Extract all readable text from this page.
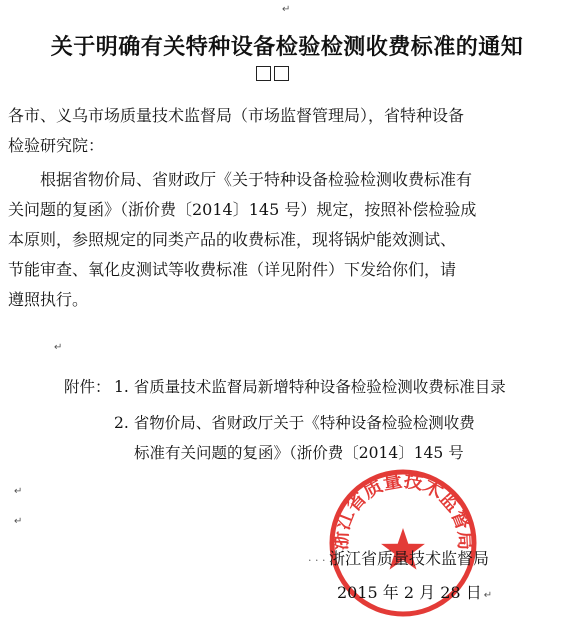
↵
关于明确有关特种设备检验检测收费标准的通知

各市、义乌市场质量技术监督局（市场监督管理局），省特种设备
检验研究院：

　　根据省物价局、省财政厅《关于特种设备检验检测收费标准有
关问题的复函》（浙价费〔2014〕145 号）规定，按照补偿检验成
本原则，参照规定的同类产品的收费标准，现将锅炉能效测试、
节能审查、氧化皮测试等收费标准（详见附件）下发给你们，请
遵照执行。

↵
附件： 1. 省质量技术监督局新增特种设备检验检测收费标准目录
2. 省物价局、省财政厅关于《特种设备检验检测收费
标准有关问题的复函》（浙价费〔2014〕145 号
↵
↵
浙江省质量技术监督局
· · · 浙江省质量技术监督局
2015 年 2 月 28 日 ↵
